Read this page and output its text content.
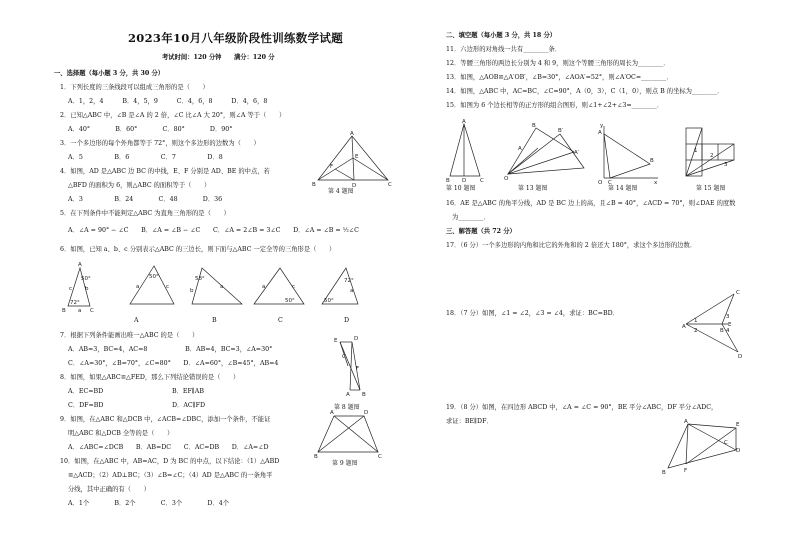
2023年10月八年级阶段性训练数学试题
考试时间：120 分钟　　满分：120 分
一、选择题（每小题 3 分，共 30 分）
1．下列长度的三条线段可以组成三角形的是（　　）
A．1，2，4　　　B．4，5，9　　　C．4，6，8　　　D．4，6，8
2．已知△ABC 中，∠B 是∠A 的 2 倍，∠C 比∠A 大 20°，则∠A 等于（　　）
A．40°　　　　B．60°　　　　C．80°　　　　D．90°
3．一个多边形的每个外角都等于 72°，则这个多边形的边数为（　　）
A．5　　　　　B．6　　　　　C．7　　　　　D．8
4．如图，AD 是△ABC 边 BC 的中线，E、F 分别是 AD、BE 的中点，若
△BFD 的面积为 6，则△ABC 的面积等于（　　）
A．3　　　　　B．24　　　　C．48　　　　D．36
5．在下列条件中不能判定△ABC 为直角三角形的是（　　）
A．∠A = 90° − ∠C　　B．∠A = ∠B − ∠C　　C．∠A = 2∠B = 3∠C　　D．∠A = ∠B = ½∠C
6．如图，已知 a、b、c 分别表示△ABC 的三边长，则下面与△ABC 一定全等的三角形是（　　）
A
B	C
50°
72°
c b
a
50°
a	c
58°
a
b
50°
a	c
72°
50°
a
A	B	C	D
7．根据下列条件能画出唯一△ABC 的是（　　）
A．AB=3，BC=4，AC=8　　　　　　B．AB=4，BC=3，∠A=30°
C．∠A=30°，∠B=70°，∠C=80°　　D．∠A=60°，∠B=45°，AB=4
8．如图，如果△ABC≌△FED，那么下列结论错误的是（　　）
A．EC=BD	B．EF∥AB
C．DF=BD	D．AC∥FD
9．如图，在△ABC 和△DCB 中，∠ACB=∠DBC，添加一个条件，不能证
明△ABC 和△DCB 全等的是（　　）
A．∠ABC=∠DCB　　B．AB=DC　　C．AC=DB　　D．∠A=∠D
10．如图，在△ABC 中，AB=AC，D 为 BC 的中点，以下结论：（1）△ABD
≌△ACD；（2）AD⊥BC；（3）∠B=∠C；（4）AD 是△ABC 的一条角平
分线，其中正确的有（　　）
A．1个　　　　B．2个　　　　C．3个　　　　D．4个
A
B	D	C
E
F
第 4 题图
E	D
C
F
A B
第 8 题图
A	D
B	C
第 9 题图
二、填空题（每小题 3 分，共 18 分）
11．六边形的对角线一共有________条．
12．等腰三角形的两边长分别为 4 和 9，则这个等腰三角形的周长为________．
13．如图，△AOB≌△A′OB′，∠B=30°，∠AOA′=52°，则∠A′OC=________．
14．如图，△ABC 中，AC=BC，∠C=90°，A（0，3），C（1，0），则点 B 的坐标为________．
15．如图为 6 个边长相等的正方形的组合图形，则∠1+∠2+∠3=________．
A
B D	C
第 10 题图
B
B′
A
A′
O
第 13 题图
A
B
C
O	x
y
第 14 题图
1
2
3
第 15 题图
16．AE 是△ABC 的角平分线，AD 是 BC 边上的高，且∠B = 40°，∠ACD = 70°，则∠DAE 的度数
为________．
三、解答题（共 72 分）
17．（6 分）一个多边形的内角和比它的外角和的 2 倍还大 180°，求这个多边形的边数．
18．（7 分）如图，∠1 = ∠2，∠3 = ∠4，求证：BC=BD．
C
A
B
D
E
1
2
3
4
19．（8 分）如图，在四边形 ABCD 中，∠A = ∠C = 90°，BE 平分∠ABC，DF 平分∠ADC，
求证：BE∥DF．	A	E
D
B	F
C
